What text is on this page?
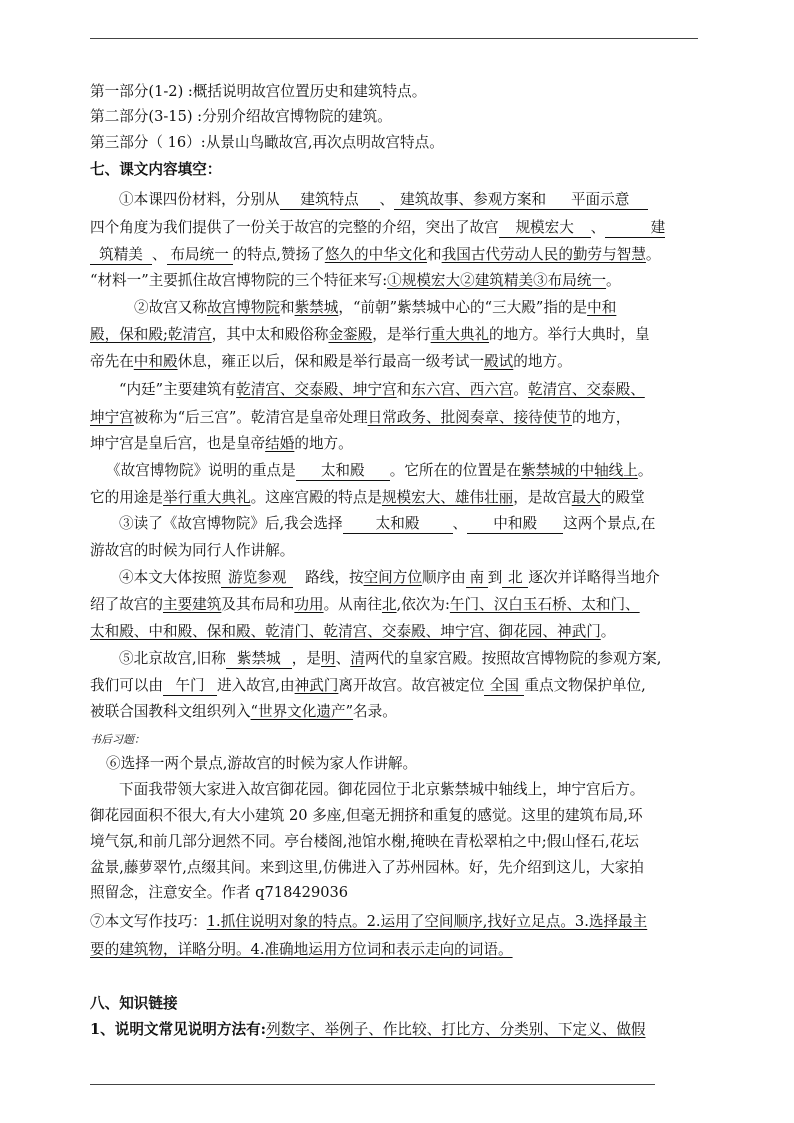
第一部分(1-2) :概括说明故宫位置历史和建筑特点。
第二部分(3-15) :分别介绍故宫博物院的建筑。
第三部分（ 16）:从景山鸟瞰故宫,再次点明故宫特点。
七、课文内容填空：
①本课四份材料，分别从 建筑特点 、 建筑故事、参观方案和 平面示意
四个角度为我们提供了一份关于故宫的完整的介绍，突出了故宫 规模宏大 、	建
筑精美 、 布局统一 的特点,赞扬了悠久的中华文化和我国古代劳动人民的勤劳与智慧。
“材料一”主要抓住故宫博物院的三个特征来写:①规模宏大②建筑精美③布局统一。
②故宫又称故宫博物院和紫禁城，“前朝”紫禁城中心的“三大殿”指的是中和
殿，保和殿;乾清宫，其中太和殿俗称金銮殿，是举行重大典礼的地方。举行大典时，皇
帝先在中和殿休息，雍正以后，保和殿是举行最高一级考试一殿试的地方。
“内廷”主要建筑有乾清宫、交泰殿、坤宁宫和东六宫、西六宫。乾清宫、交泰殿、
坤宁宫被称为“后三宫”。乾清宫是皇帝处理日常政务、批阅奏章、接待使节的地方，
坤宁宫是皇后宫，也是皇帝结婚的地方。
《故宫博物院》说明的重点是 太和殿 。它所在的位置是在紫禁城的中轴线上。
它的用途是举行重大典礼。这座宫殿的特点是规模宏大、雄伟壮丽，是故宫最大的殿堂
③读了《故宫博物院》后,我会选择 太和殿 、 中和殿 这两个景点,在
游故宫的时候为同行人作讲解。
④本文大体按照 游览参观 路线，按空间方位顺序由 南 到 北 逐次并详略得当地介
绍了故宫的主要建筑及其布局和功用。从南往北,依次为:午门、汉白玉石桥、太和门、
太和殿、中和殿、保和殿、乾清门、乾清宫、交泰殿、坤宁宫、御花园、神武门。
⑤北京故宫,旧称 紫禁城 ，是明、清两代的皇家宫殿。按照故宫博物院的参观方案,
我们可以由 午门 进入故宫,由神武门离开故宫。故宫被定位 全国 重点文物保护单位,
被联合国教科文组织列入“世界文化遗产”名录。
书后习题：
⑥选择一两个景点,游故宫的时候为家人作讲解。
下面我带领大家进入故宫御花园。御花园位于北京紫禁城中轴线上，坤宁宫后方。
御花园面积不很大,有大小建筑 20 多座,但毫无拥挤和重复的感觉。这里的建筑布局,环
境气氛,和前几部分迥然不同。亭台楼阁,池馆水榭,掩映在青松翠柏之中;假山怪石,花坛
盆景,藤萝翠竹,点缀其间。来到这里,仿佛进入了苏州园林。好，先介绍到这儿，大家拍
照留念，注意安全。作者 q718429036
⑦本文写作技巧：1.抓住说明对象的特点。2.运用了空间顺序,找好立足点。3.选择最主
要的建筑物，详略分明。4.准确地运用方位词和表示走向的词语。
八、知识链接
1、说明文常见说明方法有:列数字、举例子、作比较、打比方、分类别、下定义、做假
